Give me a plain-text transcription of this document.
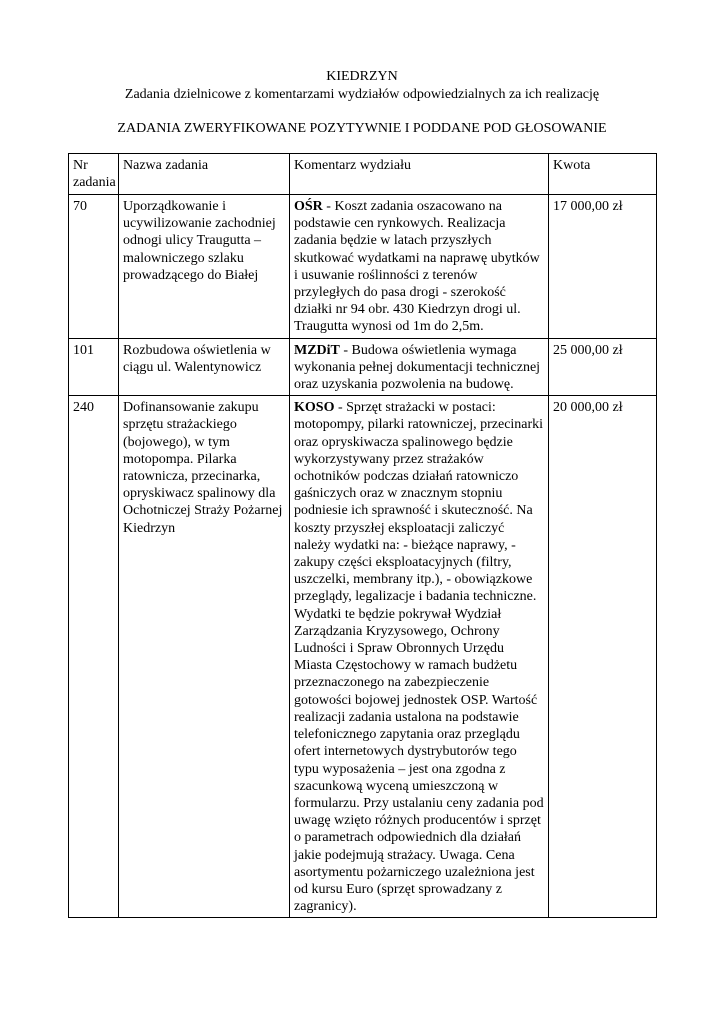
KIEDRZYN
Zadania dzielnicowe z komentarzami wydziałów odpowiedzialnych za ich realizację
ZADANIA ZWERYFIKOWANE POZYTYWNIE I PODDANE POD GŁOSOWANIE
Nr zadania	Nazwa zadania	Komentarz wydziału	Kwota
70	Uporządkowanie i ucywilizowanie zachodniej odnogi ulicy Traugutta – malowniczego szlaku prowadzącego do Białej	OŚR - Koszt zadania oszacowano na podstawie cen rynkowych. Realizacja zadania będzie w latach przyszłych skutkować wydatkami na naprawę ubytków i usuwanie roślinności z terenów przyległych do pasa drogi - szerokość działki nr 94 obr. 430 Kiedrzyn drogi ul. Traugutta wynosi od 1m do 2,5m.	17 000,00 zł
101	Rozbudowa oświetlenia w ciągu ul. Walentynowicz	MZDiT - Budowa oświetlenia wymaga wykonania pełnej dokumentacji technicznej oraz uzyskania pozwolenia na budowę.	25 000,00 zł
240	Dofinansowanie zakupu sprzętu strażackiego (bojowego), w tym motopompa. Pilarka ratownicza, przecinarka, opryskiwacz spalinowy dla Ochotniczej Straży Pożarnej Kiedrzyn	KOSO - Sprzęt strażacki w postaci: motopompy, pilarki ratowniczej, przecinarki oraz opryskiwacza spalinowego będzie wykorzystywany przez strażaków ochotników podczas działań ratowniczo gaśniczych oraz w znacznym stopniu podniesie ich sprawność i skuteczność. Na koszty przyszłej eksploatacji zaliczyć należy wydatki na: - bieżące naprawy, - zakupy części eksploatacyjnych (filtry, uszczelki, membrany itp.), - obowiązkowe przeglądy, legalizacje i badania techniczne. Wydatki te będzie pokrywał Wydział Zarządzania Kryzysowego, Ochrony Ludności i Spraw Obronnych Urzędu Miasta Częstochowy w ramach budżetu przeznaczonego na zabezpieczenie gotowości bojowej jednostek OSP. Wartość realizacji zadania ustalona na podstawie telefonicznego zapytania oraz przeglądu ofert internetowych dystrybutorów tego typu wyposażenia – jest ona zgodna z szacunkową wyceną umieszczoną w formularzu. Przy ustalaniu ceny zadania pod uwagę wzięto różnych producentów i sprzęt o parametrach odpowiednich dla działań jakie podejmują strażacy. Uwaga. Cena asortymentu pożarniczego uzależniona jest od kursu Euro (sprzęt sprowadzany z zagranicy).	20 000,00 zł
